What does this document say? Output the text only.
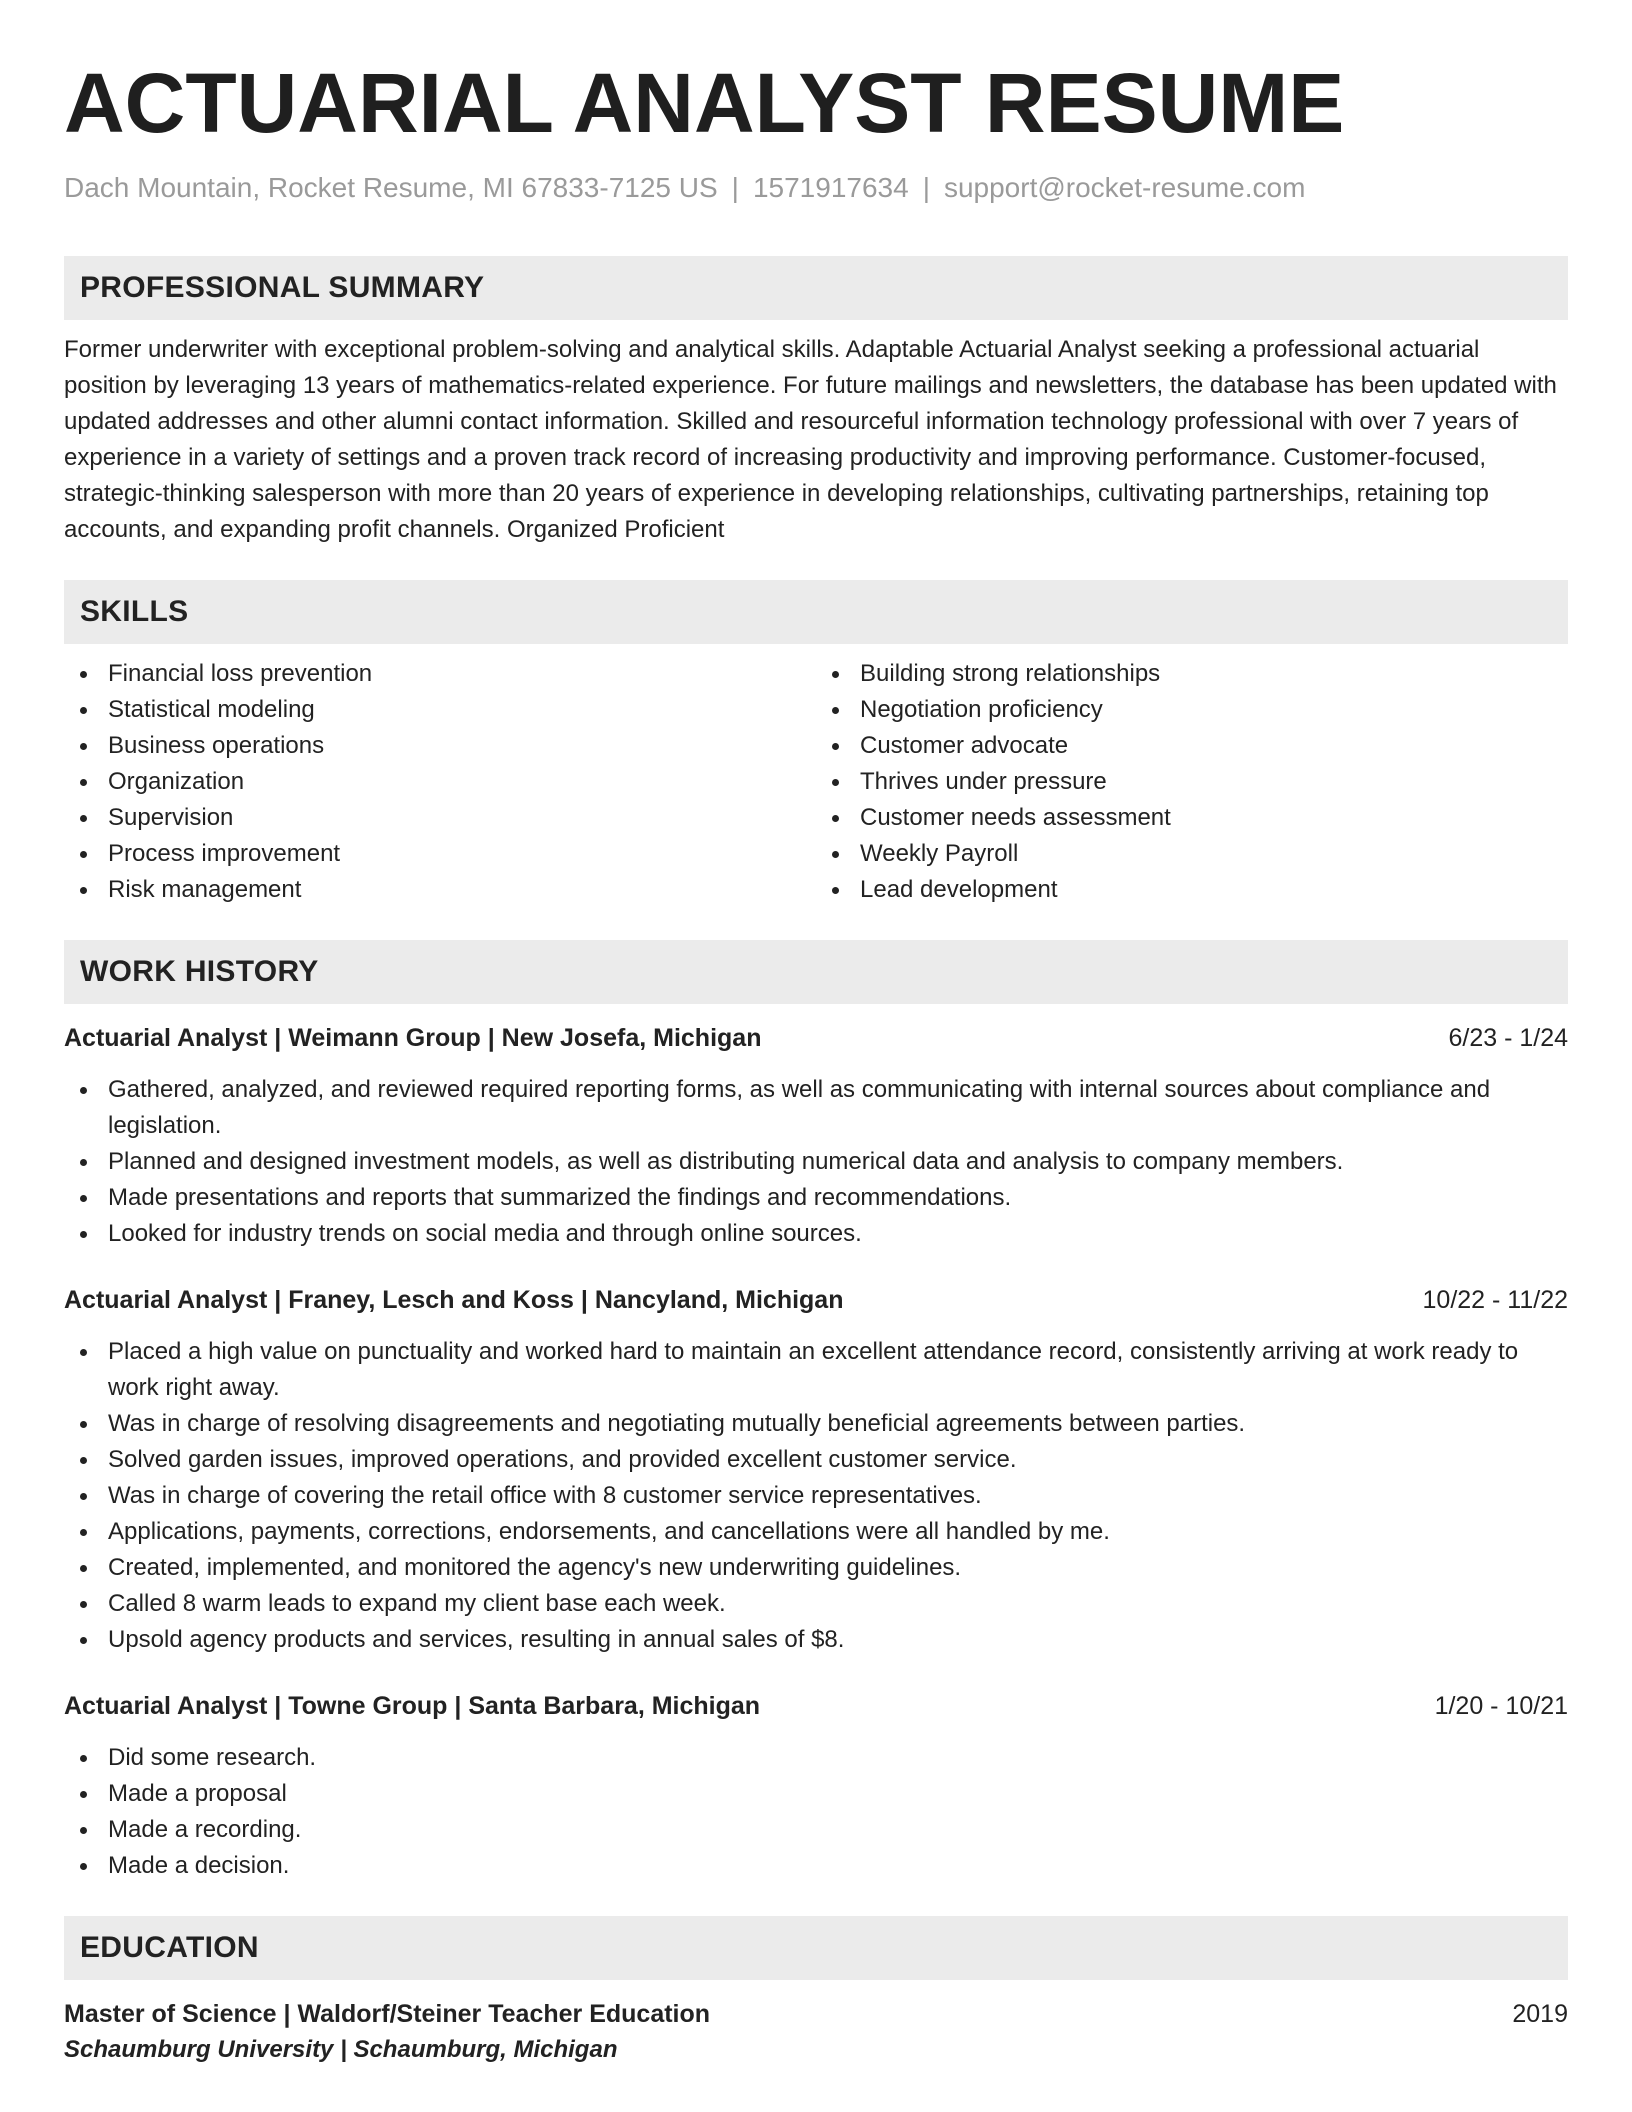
ACTUARIAL ANALYST RESUME
Dach Mountain, Rocket Resume, MI 67833-7125 US | 1571917634 | support@rocket-resume.com
PROFESSIONAL SUMMARY
Former underwriter with exceptional problem-solving and analytical skills. Adaptable Actuarial Analyst seeking a professional actuarial position by leveraging 13 years of mathematics-related experience. For future mailings and newsletters, the database has been updated with updated addresses and other alumni contact information. Skilled and resourceful information technology professional with over 7 years of experience in a variety of settings and a proven track record of increasing productivity and improving performance. Customer-focused, strategic-thinking salesperson with more than 20 years of experience in developing relationships, cultivating partnerships, retaining top accounts, and expanding profit channels. Organized Proficient
SKILLS
Financial loss prevention
Statistical modeling
Business operations
Organization
Supervision
Process improvement
Risk management
Building strong relationships
Negotiation proficiency
Customer advocate
Thrives under pressure
Customer needs assessment
Weekly Payroll
Lead development
WORK HISTORY
Actuarial Analyst | Weimann Group | New Josefa, Michigan	6/23 - 1/24
Gathered, analyzed, and reviewed required reporting forms, as well as communicating with internal sources about compliance and legislation.
Planned and designed investment models, as well as distributing numerical data and analysis to company members.
Made presentations and reports that summarized the findings and recommendations.
Looked for industry trends on social media and through online sources.
Actuarial Analyst | Franey, Lesch and Koss | Nancyland, Michigan	10/22 - 11/22
Placed a high value on punctuality and worked hard to maintain an excellent attendance record, consistently arriving at work ready to work right away.
Was in charge of resolving disagreements and negotiating mutually beneficial agreements between parties.
Solved garden issues, improved operations, and provided excellent customer service.
Was in charge of covering the retail office with 8 customer service representatives.
Applications, payments, corrections, endorsements, and cancellations were all handled by me.
Created, implemented, and monitored the agency's new underwriting guidelines.
Called 8 warm leads to expand my client base each week.
Upsold agency products and services, resulting in annual sales of $8.
Actuarial Analyst | Towne Group | Santa Barbara, Michigan	1/20 - 10/21
Did some research.
Made a proposal
Made a recording.
Made a decision.
EDUCATION
Master of Science | Waldorf/Steiner Teacher Education	2019
Schaumburg University | Schaumburg, Michigan
